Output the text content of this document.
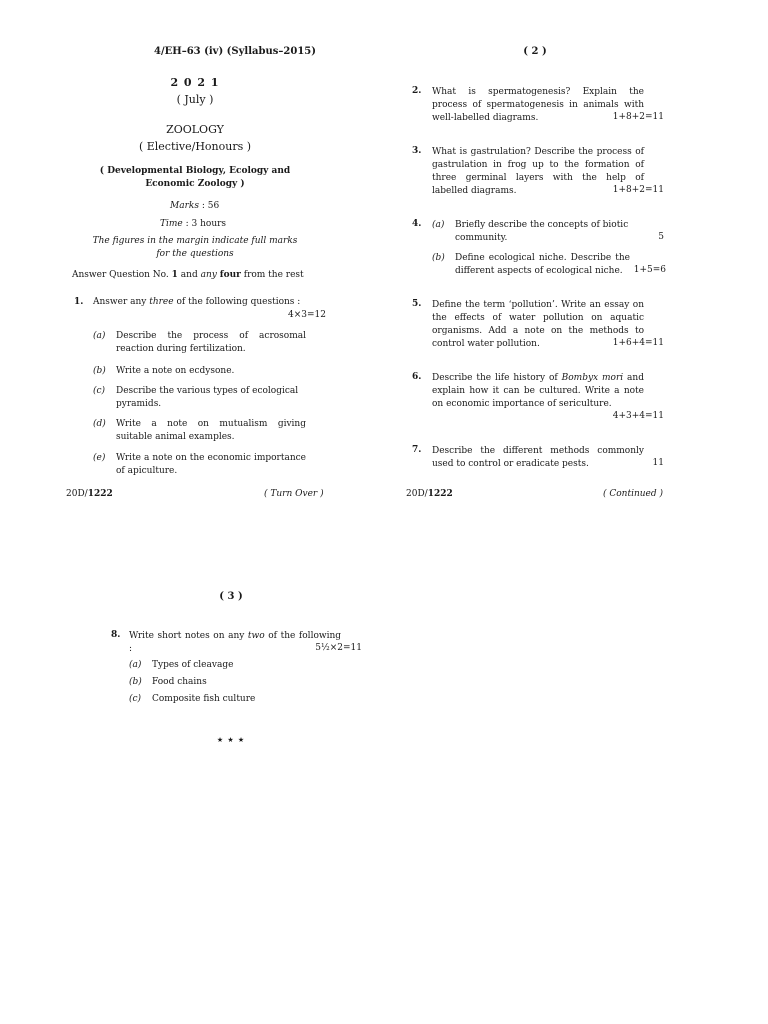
4/EH–63 (iv) (Syllabus–2015)
2 0 2 1
( July )
ZOOLOGY
( Elective/Honours )
( Developmental Biology, Ecology and
Economic Zoology )
Marks : 56
Time : 3 hours
The figures in the margin indicate full marks
for the questions
Answer Question No. 1 and any four from the rest
1. Answer any three of the following questions :
4×3=12
(a) Describe the process of acrosomal reaction during fertilization.
(b) Write a note on ecdysone.
(c) Describe the various types of ecological pyramids.
(d) Write a note on mutualism giving suitable animal examples.
(e) Write a note on the economic importance of apiculture.
20D/1222	( Turn Over )
( 2 )
2. What is spermatogenesis? Explain the process of spermatogenesis in animals with well-labelled diagrams.	1+8+2=11
3. What is gastrulation? Describe the process of gastrulation in frog up to the formation of three germinal layers with the help of labelled diagrams.	1+8+2=11
4. (a) Briefly describe the concepts of biotic community.	5
(b) Define ecological niche. Describe the different aspects of ecological niche.	1+5=6
5. Define the term ‘pollution’. Write an essay on the effects of water pollution on aquatic organisms. Add a note on the methods to control water pollution.	1+6+4=11
6. Describe the life history of Bombyx mori and explain how it can be cultured. Write a note on economic importance of sericulture.
4+3+4=11
7. Describe the different methods commonly used to control or eradicate pests.	11
20D/1222	( Continued )
( 3 )
8. Write short notes on any two of the following :	5½×2=11
(a) Types of cleavage
(b) Food chains
(c) Composite fish culture
★ ★ ★
